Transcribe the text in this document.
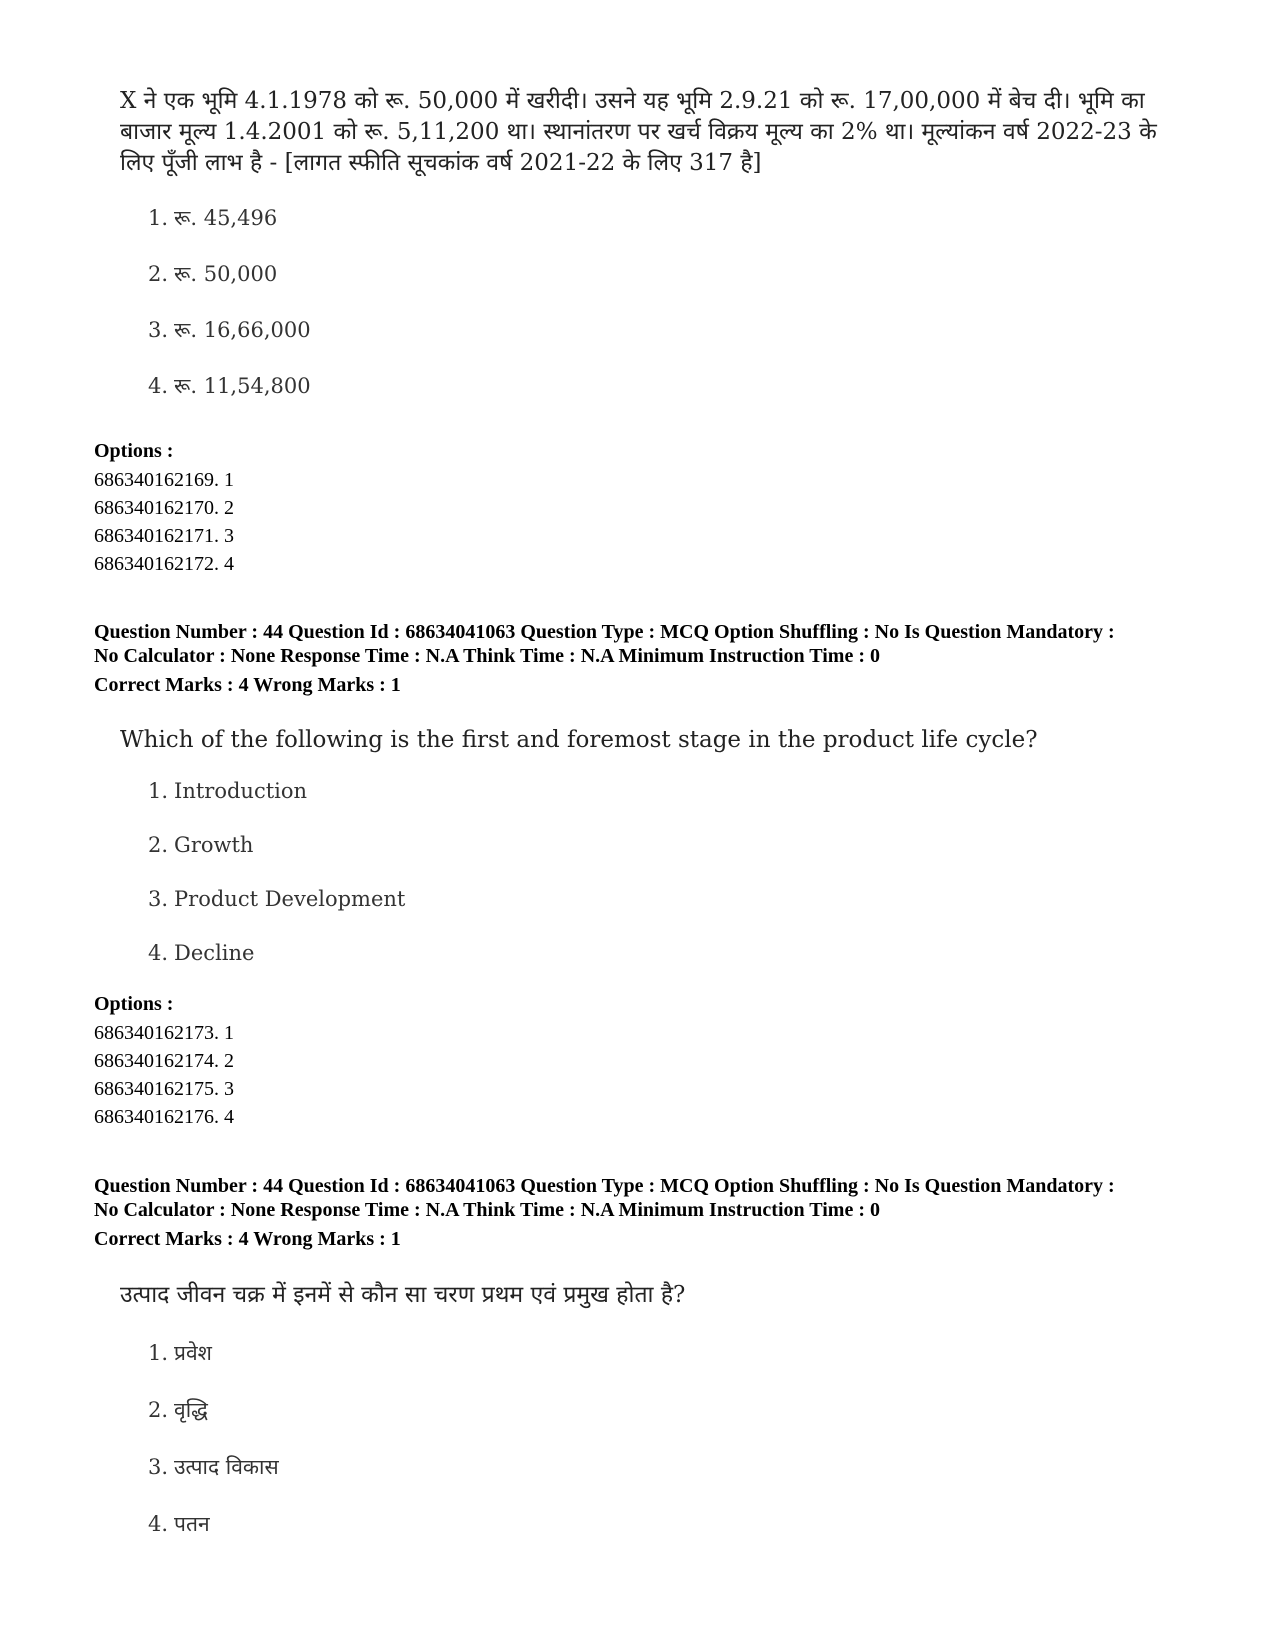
X ने एक भूमि 4.1.1978 को रू. 50,000 में खरीदी। उसने यह भूमि 2.9.21 को रू. 17,00,000 में बेच दी। भूमि का बाजार मूल्य 1.4.2001 को रू. 5,11,200 था। स्थानांतरण पर खर्च विक्रय मूल्य का 2% था। मूल्यांकन वर्ष 2022-23 के लिए पूँजी लाभ है - [लागत स्फीति सूचकांक वर्ष 2021-22 के लिए 317 है]
1. रू. 45,496
2. रू. 50,000
3. रू. 16,66,000
4. रू. 11,54,800
Options :
686340162169. 1
686340162170. 2
686340162171. 3
686340162172. 4
Question Number : 44 Question Id : 68634041063 Question Type : MCQ Option Shuffling : No Is Question Mandatory :
No Calculator : None Response Time : N.A Think Time : N.A Minimum Instruction Time : 0
Correct Marks : 4 Wrong Marks : 1
Which of the following is the first and foremost stage in the product life cycle?
1. Introduction
2. Growth
3. Product Development
4. Decline
Options :
686340162173. 1
686340162174. 2
686340162175. 3
686340162176. 4
Question Number : 44 Question Id : 68634041063 Question Type : MCQ Option Shuffling : No Is Question Mandatory :
No Calculator : None Response Time : N.A Think Time : N.A Minimum Instruction Time : 0
Correct Marks : 4 Wrong Marks : 1
उत्पाद जीवन चक्र में इनमें से कौन सा चरण प्रथम एवं प्रमुख होता है?
1. प्रवेश
2. वृद्धि
3. उत्पाद विकास
4. पतन
